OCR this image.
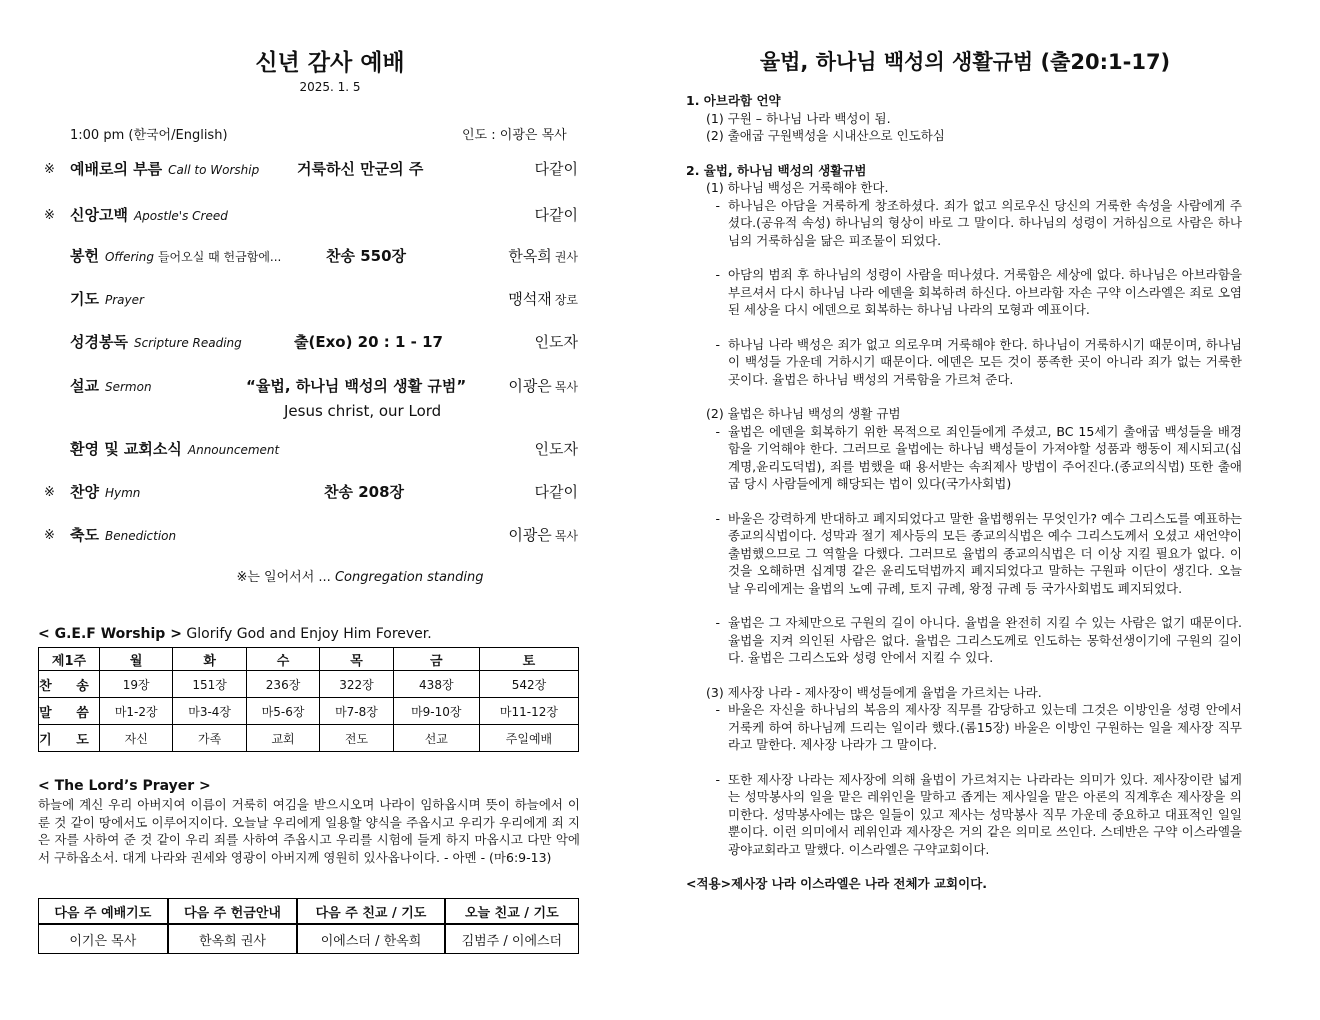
신년 감사 예배
2025. 1. 5
1:00 pm (한국어/English)	인도 : 이광은 목사
※ 예배로의 부름 Call to Worship	거룩하신 만군의 주	다같이
※ 신앙고백 Apostle's Creed	다같이
봉헌 Offering 들어오실 때 헌금함에...	찬송 550장	한옥희 권사
기도 Prayer	맹석재 장로
성경봉독 Scripture Reading	출(Exo) 20 : 1 - 17	인도자
설교 Sermon	“율법, 하나님 백성의 생활 규범”	이광은 목사
Jesus christ, our Lord
환영 및 교회소식 Announcement	인도자
※ 찬양 Hymn	찬송 208장	다같이
※ 축도 Benediction	이광은 목사
※는 일어서서 ... Congregation standing
< G.E.F Worship > Glorify God and Enjoy Him Forever.
제1주	월	화	수	목	금	토
찬 송	19장	151장	236장	322장	438장	542장
말 씀	마1-2장	마3-4장	마5-6장	마7-8장	마9-10장	마11-12장
기 도	자신	가족	교회	전도	선교	주일예배
< The Lord’s Prayer >
하늘에 계신 우리 아버지여 이름이 거룩히 여김을 받으시오며 나라이 임하옵시며 뜻이 하늘에서 이룬 것 같이 땅에서도 이루어지이다. 오늘날 우리에게 일용할 양식을 주옵시고 우리가 우리에게 죄 지은 자를 사하여 준 것 같이 우리 죄를 사하여 주옵시고 우리를 시험에 들게 하지 마옵시고 다만 악에서 구하옵소서. 대게 나라와 권세와 영광이 아버지께 영원히 있사옵나이다. - 아멘 - (마6:9-13)
다음 주 예배기도	다음 주 헌금안내	다음 주 친교 / 기도	오늘 친교 / 기도
이기은 목사	한옥희 권사	이에스더 / 한옥희	김범주 / 이에스더
율법, 하나님 백성의 생활규범 (출20:1-17)
1. 아브라함 언약
(1) 구원 – 하나님 나라 백성이 됨.
(2) 출애굽 구원백성을 시내산으로 인도하심
2. 율법, 하나님 백성의 생활규범
(1) 하나님 백성은 거룩해야 한다.
- 하나님은 아담을 거룩하게 창조하셨다. 죄가 없고 의로우신 당신의 거룩한 속성을 사람에게 주셨다.(공유적 속성) 하나님의 형상이 바로 그 말이다. 하나님의 성령이 거하심으로 사람은 하나님의 거룩하심을 닮은 피조물이 되었다.
- 아담의 범죄 후 하나님의 성령이 사람을 떠나셨다. 거룩함은 세상에 없다. 하나님은 아브라함을 부르셔서 다시 하나님 나라 에덴을 회복하려 하신다. 아브라함 자손 구약 이스라엘은 죄로 오염된 세상을 다시 에덴으로 회복하는 하나님 나라의 모형과 예표이다.
- 하나님 나라 백성은 죄가 없고 의로우며 거룩해야 한다. 하나님이 거룩하시기 때문이며, 하나님이 백성들 가운데 거하시기 때문이다. 에덴은 모든 것이 풍족한 곳이 아니라 죄가 없는 거룩한 곳이다. 율법은 하나님 백성의 거룩함을 가르쳐 준다.
(2) 율법은 하나님 백성의 생활 규범
- 율법은 에덴을 회복하기 위한 목적으로 죄인들에게 주셨고, BC 15세기 출애굽 백성들을 배경함을 기억해야 한다. 그러므로 율법에는 하나님 백성들이 가져야할 성품과 행동이 제시되고(십계명,윤리도덕법), 죄를 범했을 때 용서받는 속죄제사 방법이 주어진다.(종교의식법) 또한 출애굽 당시 사람들에게 해당되는 법이 있다(국가사회법)
- 바울은 강력하게 반대하고 폐지되었다고 말한 율법행위는 무엇인가? 예수 그리스도를 예표하는 종교의식법이다. 성막과 절기 제사등의 모든 종교의식법은 예수 그리스도께서 오셨고 새언약이 출범했으므로 그 역할을 다했다. 그러므로 율법의 종교의식법은 더 이상 지킬 필요가 없다. 이것을 오해하면 십계명 같은 윤리도덕법까지 폐지되었다고 말하는 구원파 이단이 생긴다. 오늘날 우리에게는 율법의 노예 규례, 토지 규례, 왕정 규례 등 국가사회법도 폐지되었다.
- 율법은 그 자체만으로 구원의 길이 아니다. 율법을 완전히 지킬 수 있는 사람은 없기 때문이다. 율법을 지켜 의인된 사람은 없다. 율법은 그리스도께로 인도하는 몽학선생이기에 구원의 길이다. 율법은 그리스도와 성령 안에서 지킬 수 있다.
(3) 제사장 나라 - 제사장이 백성들에게 율법을 가르치는 나라.
- 바울은 자신을 하나님의 복음의 제사장 직무를 감당하고 있는데 그것은 이방인을 성령 안에서 거룩케 하여 하나님께 드리는 일이라 했다.(롬15장) 바울은 이방인 구원하는 일을 제사장 직무라고 말한다. 제사장 나라가 그 말이다.
- 또한 제사장 나라는 제사장에 의해 율법이 가르쳐지는 나라라는 의미가 있다. 제사장이란 넓게는 성막봉사의 일을 맡은 레위인을 말하고 좁게는 제사일을 맡은 아론의 직계후손 제사장을 의미한다. 성막봉사에는 많은 일들이 있고 제사는 성막봉사 직무 가운데 중요하고 대표적인 일일 뿐이다. 이런 의미에서 레위인과 제사장은 거의 같은 의미로 쓰인다. 스데반은 구약 이스라엘을 광야교회라고 말했다. 이스라엘은 구약교회이다.
<적용>제사장 나라 이스라엘은 나라 전체가 교회이다.
